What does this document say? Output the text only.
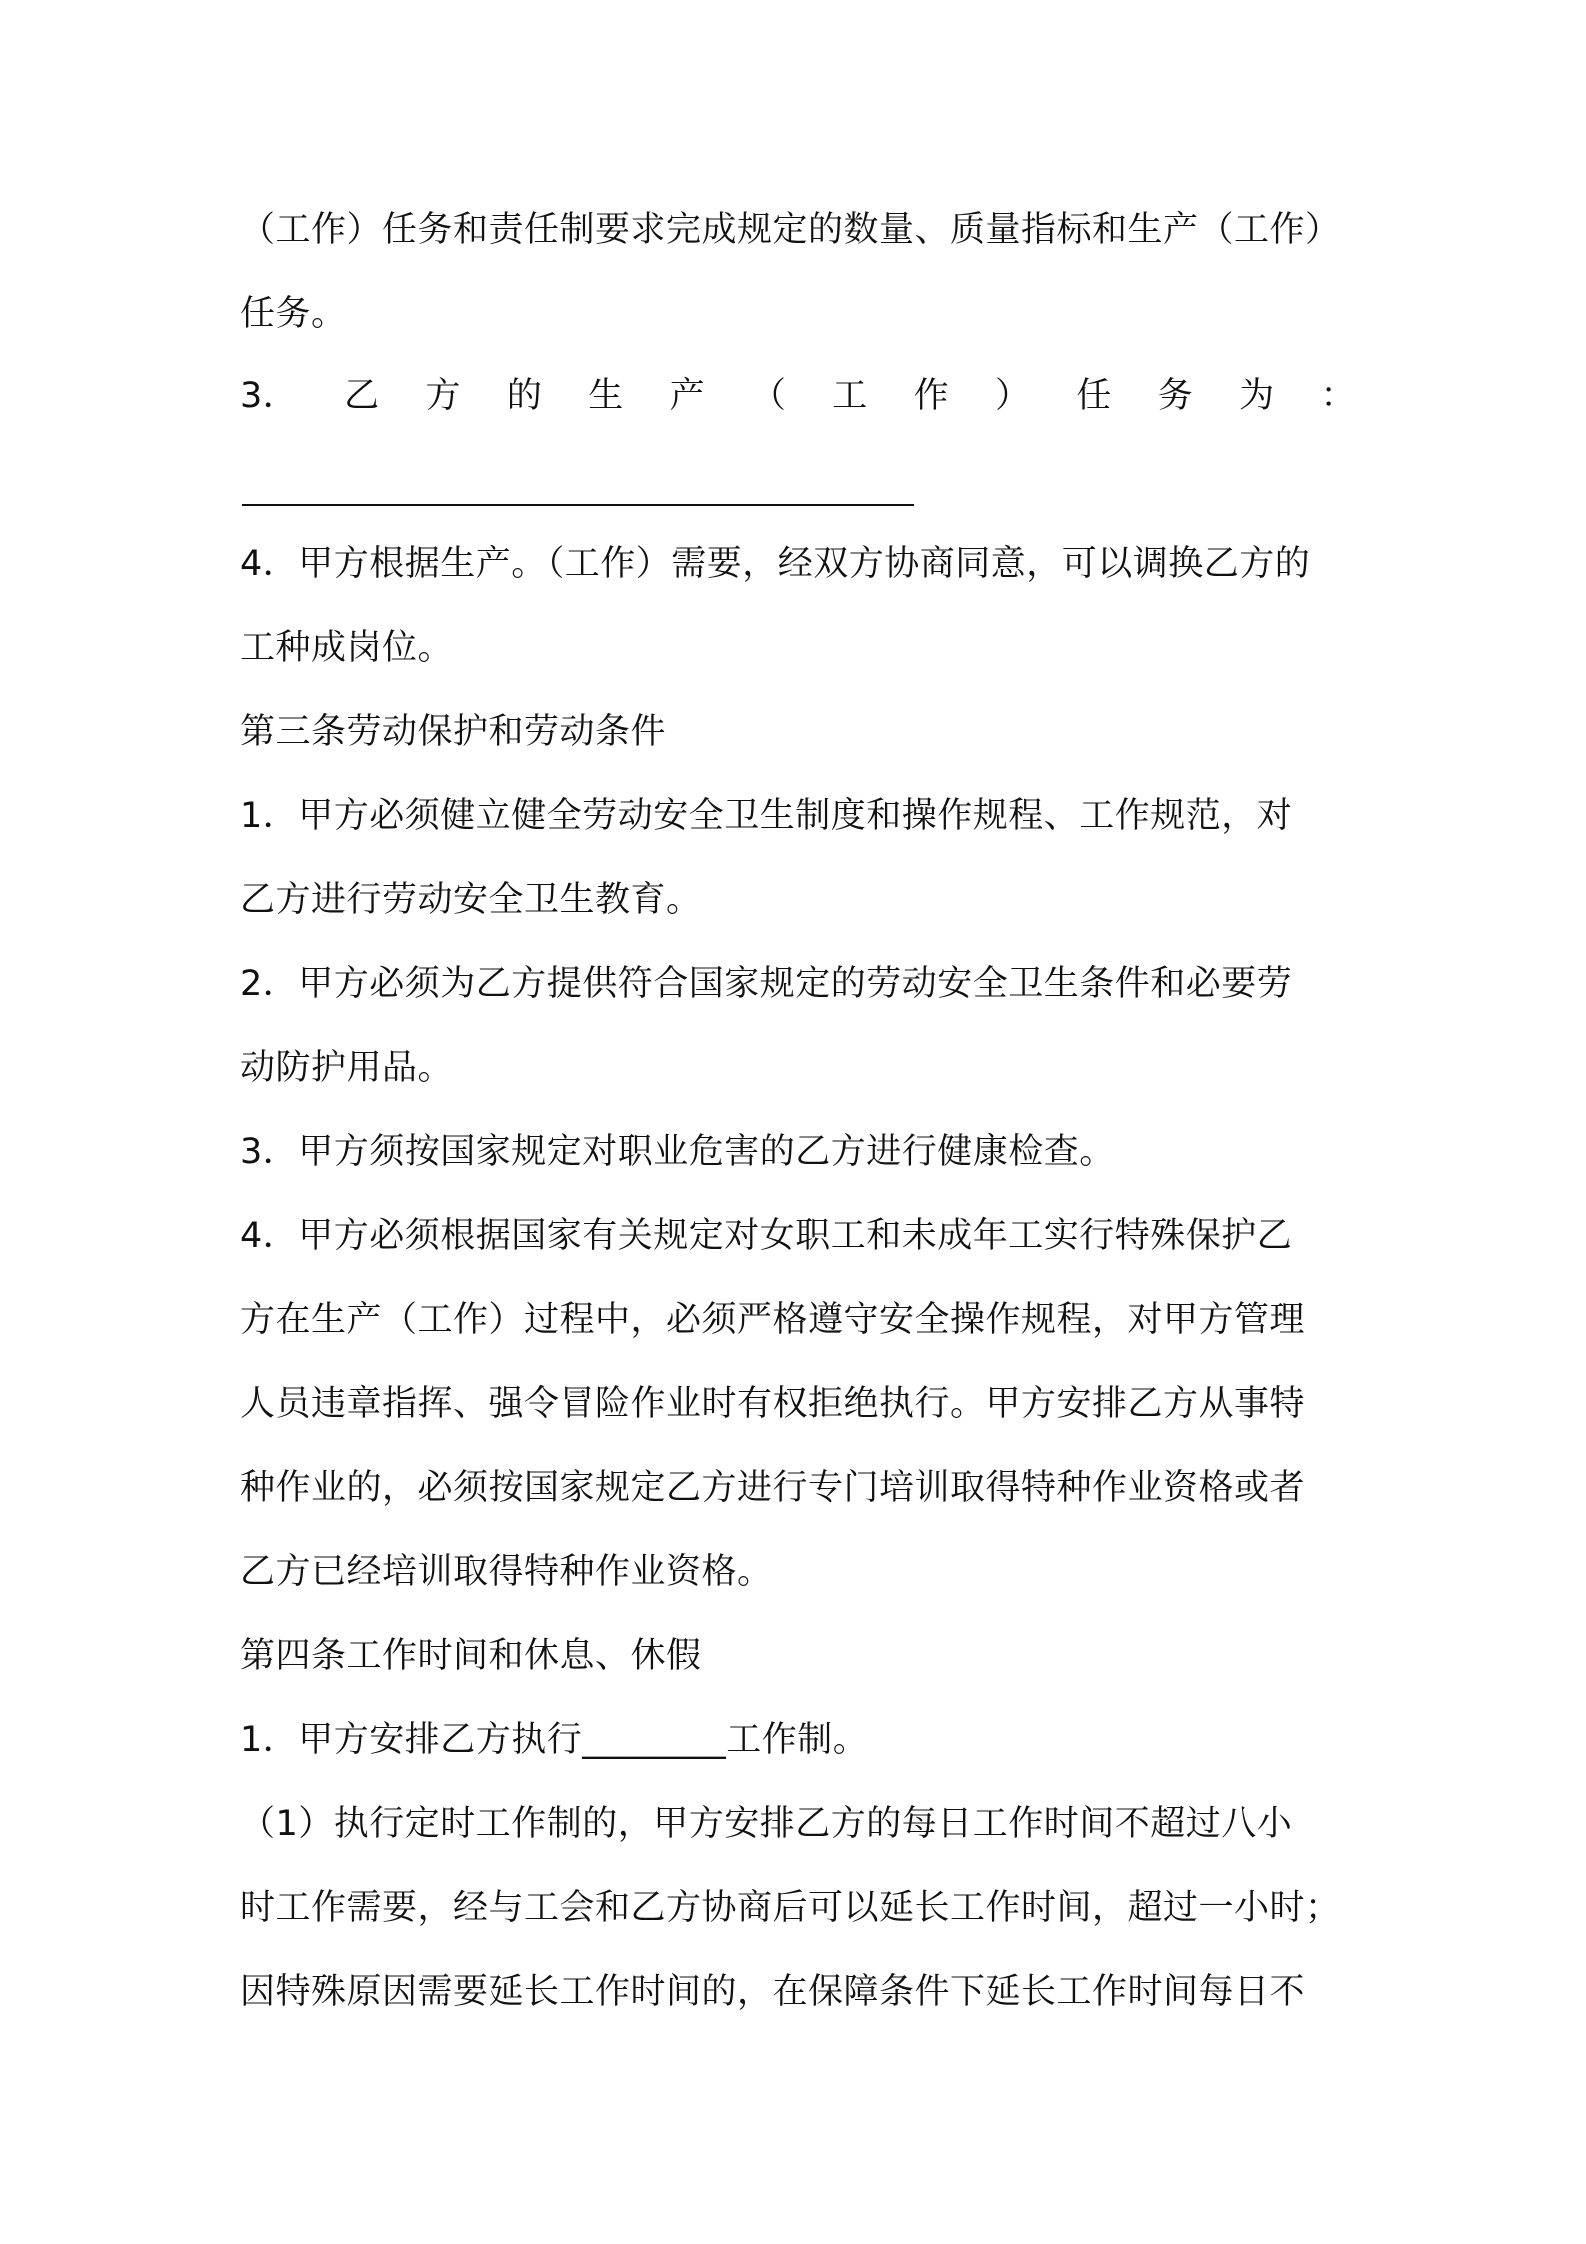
（工作）任务和责任制要求完成规定的数量、质量指标和生产（工作）
任务。
3． 乙 方 的 生 产 （ 工 作 ） 任 务 为 ：
4．甲方根据生产。（工作）需要，经双方协商同意，可以调换乙方的
工种成岗位。
第三条劳动保护和劳动条件
1．甲方必须健立健全劳动安全卫生制度和操作规程、工作规范，对
乙方进行劳动安全卫生教育。
2．甲方必须为乙方提供符合国家规定的劳动安全卫生条件和必要劳
动防护用品。
3．甲方须按国家规定对职业危害的乙方进行健康检查。
4．甲方必须根据国家有关规定对女职工和未成年工实行特殊保护乙
方在生产（工作）过程中，必须严格遵守安全操作规程，对甲方管理
人员违章指挥、强令冒险作业时有权拒绝执行。甲方安排乙方从事特
种作业的，必须按国家规定乙方进行专门培训取得特种作业资格或者
乙方已经培训取得特种作业资格。
第四条工作时间和休息、休假
1．甲方安排乙方执行________工作制。
（1）执行定时工作制的，甲方安排乙方的每日工作时间不超过八小
时工作需要，经与工会和乙方协商后可以延长工作时间，超过一小时；
因特殊原因需要延长工作时间的，在保障条件下延长工作时间每日不
